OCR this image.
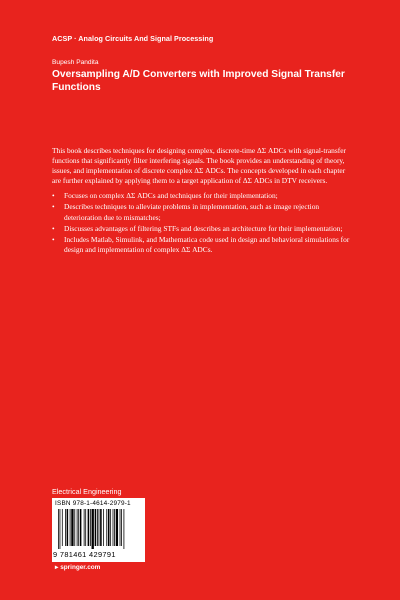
ACSP · Analog Circuits And Signal Processing
Bupesh Pandita
Oversampling A/D Converters with Improved Signal Transfer Functions

This book describes techniques for designing complex, discrete-time ΔΣ ADCs with signal-transfer functions that significantly filter interfering signals. The book provides an understanding of theory, issues, and implementation of discrete complex ΔΣ ADCs. The concepts developed in each chapter are further explained by applying them to a target application of ΔΣ ADCs in DTV receivers.

• Focuses on complex ΔΣ ADCs and techniques for their implementation;
• Describes techniques to alleviate problems in implementation, such as image rejection deterioration due to mismatches;
• Discusses advantages of filtering STFs and describes an architecture for their implementation;
• Includes Matlab, Simulink, and Mathematica code used in design and behavioral simulations for design and implementation of complex ΔΣ ADCs.
Electrical Engineering
ISBN 978-1-4614-2979-1
9 781461 429791
▸ springer.com
